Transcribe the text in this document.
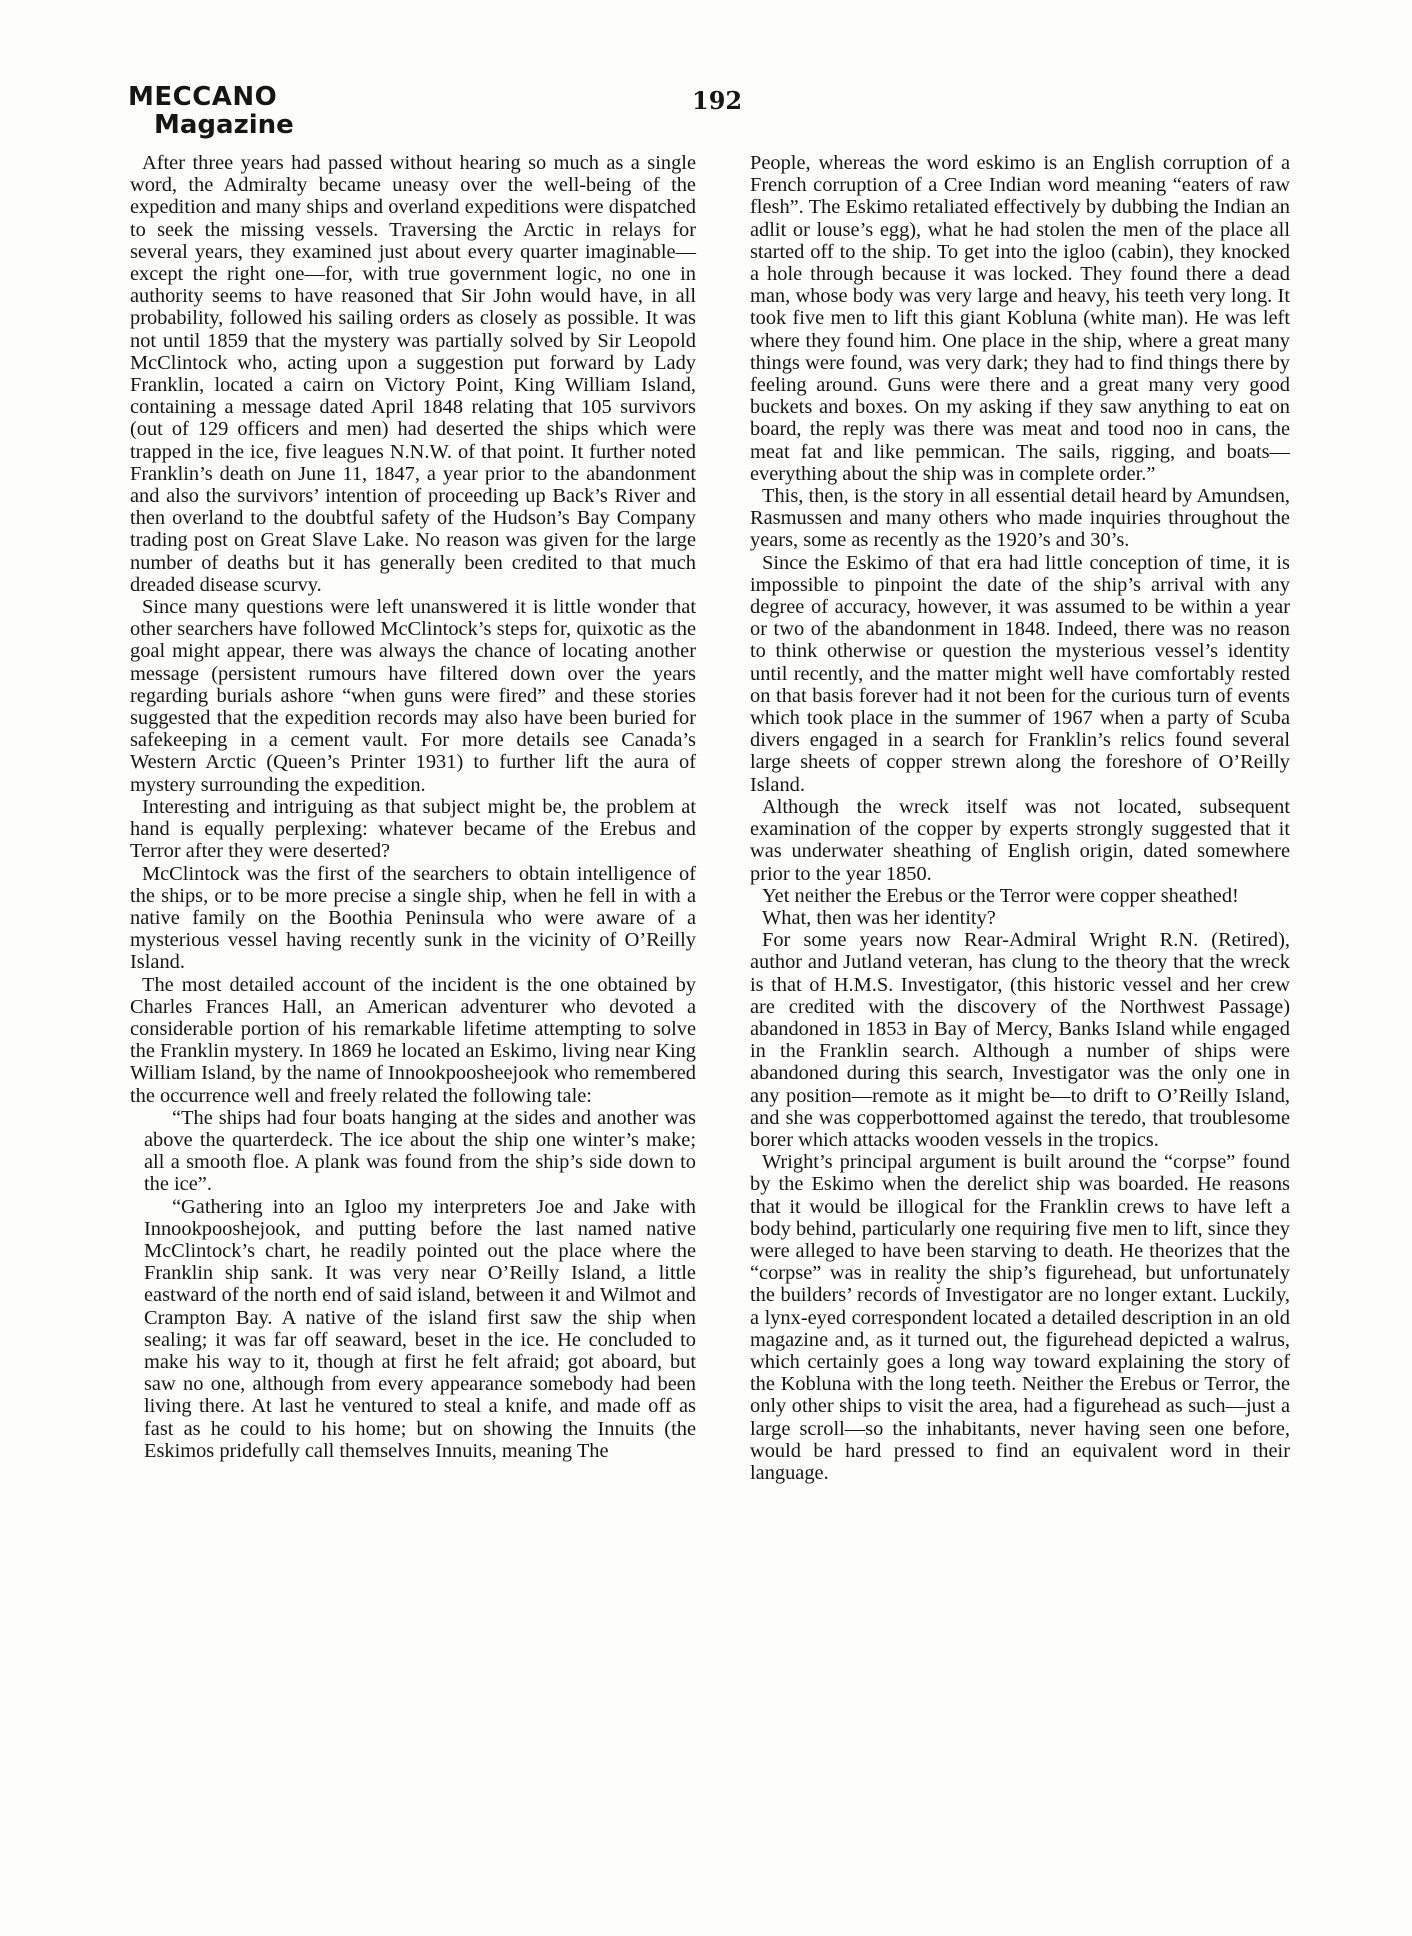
MECCANO
Magazine
192

After three years had passed without hearing so much as a single word, the Admiralty became uneasy over the well-being of the expedition and many ships and overland expeditions were dispatched to seek the missing vessels. Traversing the Arctic in relays for several years, they examined just about every quarter imaginable—except the right one—for, with true government logic, no one in authority seems to have reasoned that Sir John would have, in all probability, followed his sailing orders as closely as possible. It was not until 1859 that the mystery was partially solved by Sir Leopold McClintock who, acting upon a suggestion put forward by Lady Franklin, located a cairn on Victory Point, King William Island, containing a message dated April 1848 relating that 105 survivors (out of 129 officers and men) had deserted the ships which were trapped in the ice, five leagues N.N.W. of that point. It further noted Franklin’s death on June 11, 1847, a year prior to the abandonment and also the survivors’ intention of proceeding up Back’s River and then overland to the doubtful safety of the Hudson’s Bay Company trading post on Great Slave Lake. No reason was given for the large number of deaths but it has generally been credited to that much dreaded disease scurvy.

Since many questions were left unanswered it is little wonder that other searchers have followed McClintock’s steps for, quixotic as the goal might appear, there was always the chance of locating another message (persistent rumours have filtered down over the years regarding burials ashore “when guns were fired” and these stories suggested that the expedition records may also have been buried for safekeeping in a cement vault. For more details see Canada’s Western Arctic (Queen’s Printer 1931) to further lift the aura of mystery surrounding the expedition.

Interesting and intriguing as that subject might be, the problem at hand is equally perplexing: whatever became of the Erebus and Terror after they were deserted?

McClintock was the first of the searchers to obtain intelligence of the ships, or to be more precise a single ship, when he fell in with a native family on the Boothia Peninsula who were aware of a mysterious vessel having recently sunk in the vicinity of O’Reilly Island.

The most detailed account of the incident is the one obtained by Charles Frances Hall, an American adventurer who devoted a considerable portion of his remarkable lifetime attempting to solve the Franklin mystery. In 1869 he located an Eskimo, living near King William Island, by the name of Innookpoosheejook who remembered the occurrence well and freely related the following tale:

“The ships had four boats hanging at the sides and another was above the quarterdeck. The ice about the ship one winter’s make; all a smooth floe. A plank was found from the ship’s side down to the ice”.

“Gathering into an Igloo my interpreters Joe and Jake with Innookpooshejook, and putting before the last named native McClintock’s chart, he readily pointed out the place where the Franklin ship sank. It was very near O’Reilly Island, a little eastward of the north end of said island, between it and Wilmot and Crampton Bay. A native of the island first saw the ship when sealing; it was far off seaward, beset in the ice. He concluded to make his way to it, though at first he felt afraid; got aboard, but saw no one, although from every appearance somebody had been living there. At last he ventured to steal a knife, and made off as fast as he could to his home; but on showing the Innuits (the Eskimos pridefully call themselves Innuits, meaning The

People, whereas the word eskimo is an English corruption of a French corruption of a Cree Indian word meaning “eaters of raw flesh”. The Eskimo retaliated effectively by dubbing the Indian an adlit or louse’s egg), what he had stolen the men of the place all started off to the ship. To get into the igloo (cabin), they knocked a hole through because it was locked. They found there a dead man, whose body was very large and heavy, his teeth very long. It took five men to lift this giant Kobluna (white man). He was left where they found him. One place in the ship, where a great many things were found, was very dark; they had to find things there by feeling around. Guns were there and a great many very good buckets and boxes. On my asking if they saw anything to eat on board, the reply was there was meat and tood noo in cans, the meat fat and like pemmican. The sails, rigging, and boats—everything about the ship was in complete order.”

This, then, is the story in all essential detail heard by Amundsen, Rasmussen and many others who made inquiries throughout the years, some as recently as the 1920’s and 30’s.

Since the Eskimo of that era had little conception of time, it is impossible to pinpoint the date of the ship’s arrival with any degree of accuracy, however, it was assumed to be within a year or two of the abandonment in 1848. Indeed, there was no reason to think otherwise or question the mysterious vessel’s identity until recently, and the matter might well have comfortably rested on that basis forever had it not been for the curious turn of events which took place in the summer of 1967 when a party of Scuba divers engaged in a search for Franklin’s relics found several large sheets of copper strewn along the foreshore of O’Reilly Island.

Although the wreck itself was not located, subsequent examination of the copper by experts strongly suggested that it was underwater sheathing of English origin, dated somewhere prior to the year 1850.

Yet neither the Erebus or the Terror were copper sheathed!

What, then was her identity?

For some years now Rear-Admiral Wright R.N. (Retired), author and Jutland veteran, has clung to the theory that the wreck is that of H.M.S. Investigator, (this historic vessel and her crew are credited with the discovery of the Northwest Passage) abandoned in 1853 in Bay of Mercy, Banks Island while engaged in the Franklin search. Although a number of ships were abandoned during this search, Investigator was the only one in any position—remote as it might be—to drift to O’Reilly Island, and she was copperbottomed against the teredo, that troublesome borer which attacks wooden vessels in the tropics.

Wright’s principal argument is built around the “corpse” found by the Eskimo when the derelict ship was boarded. He reasons that it would be illogical for the Franklin crews to have left a body behind, particularly one requiring five men to lift, since they were alleged to have been starving to death. He theorizes that the “corpse” was in reality the ship’s figurehead, but unfortunately the builders’ records of Investigator are no longer extant. Luckily, a lynx-eyed correspondent located a detailed description in an old magazine and, as it turned out, the figurehead depicted a walrus, which certainly goes a long way toward explaining the story of the Kobluna with the long teeth. Neither the Erebus or Terror, the only other ships to visit the area, had a figurehead as such—just a large scroll—so the inhabitants, never having seen one before, would be hard pressed to find an equivalent word in their language.
